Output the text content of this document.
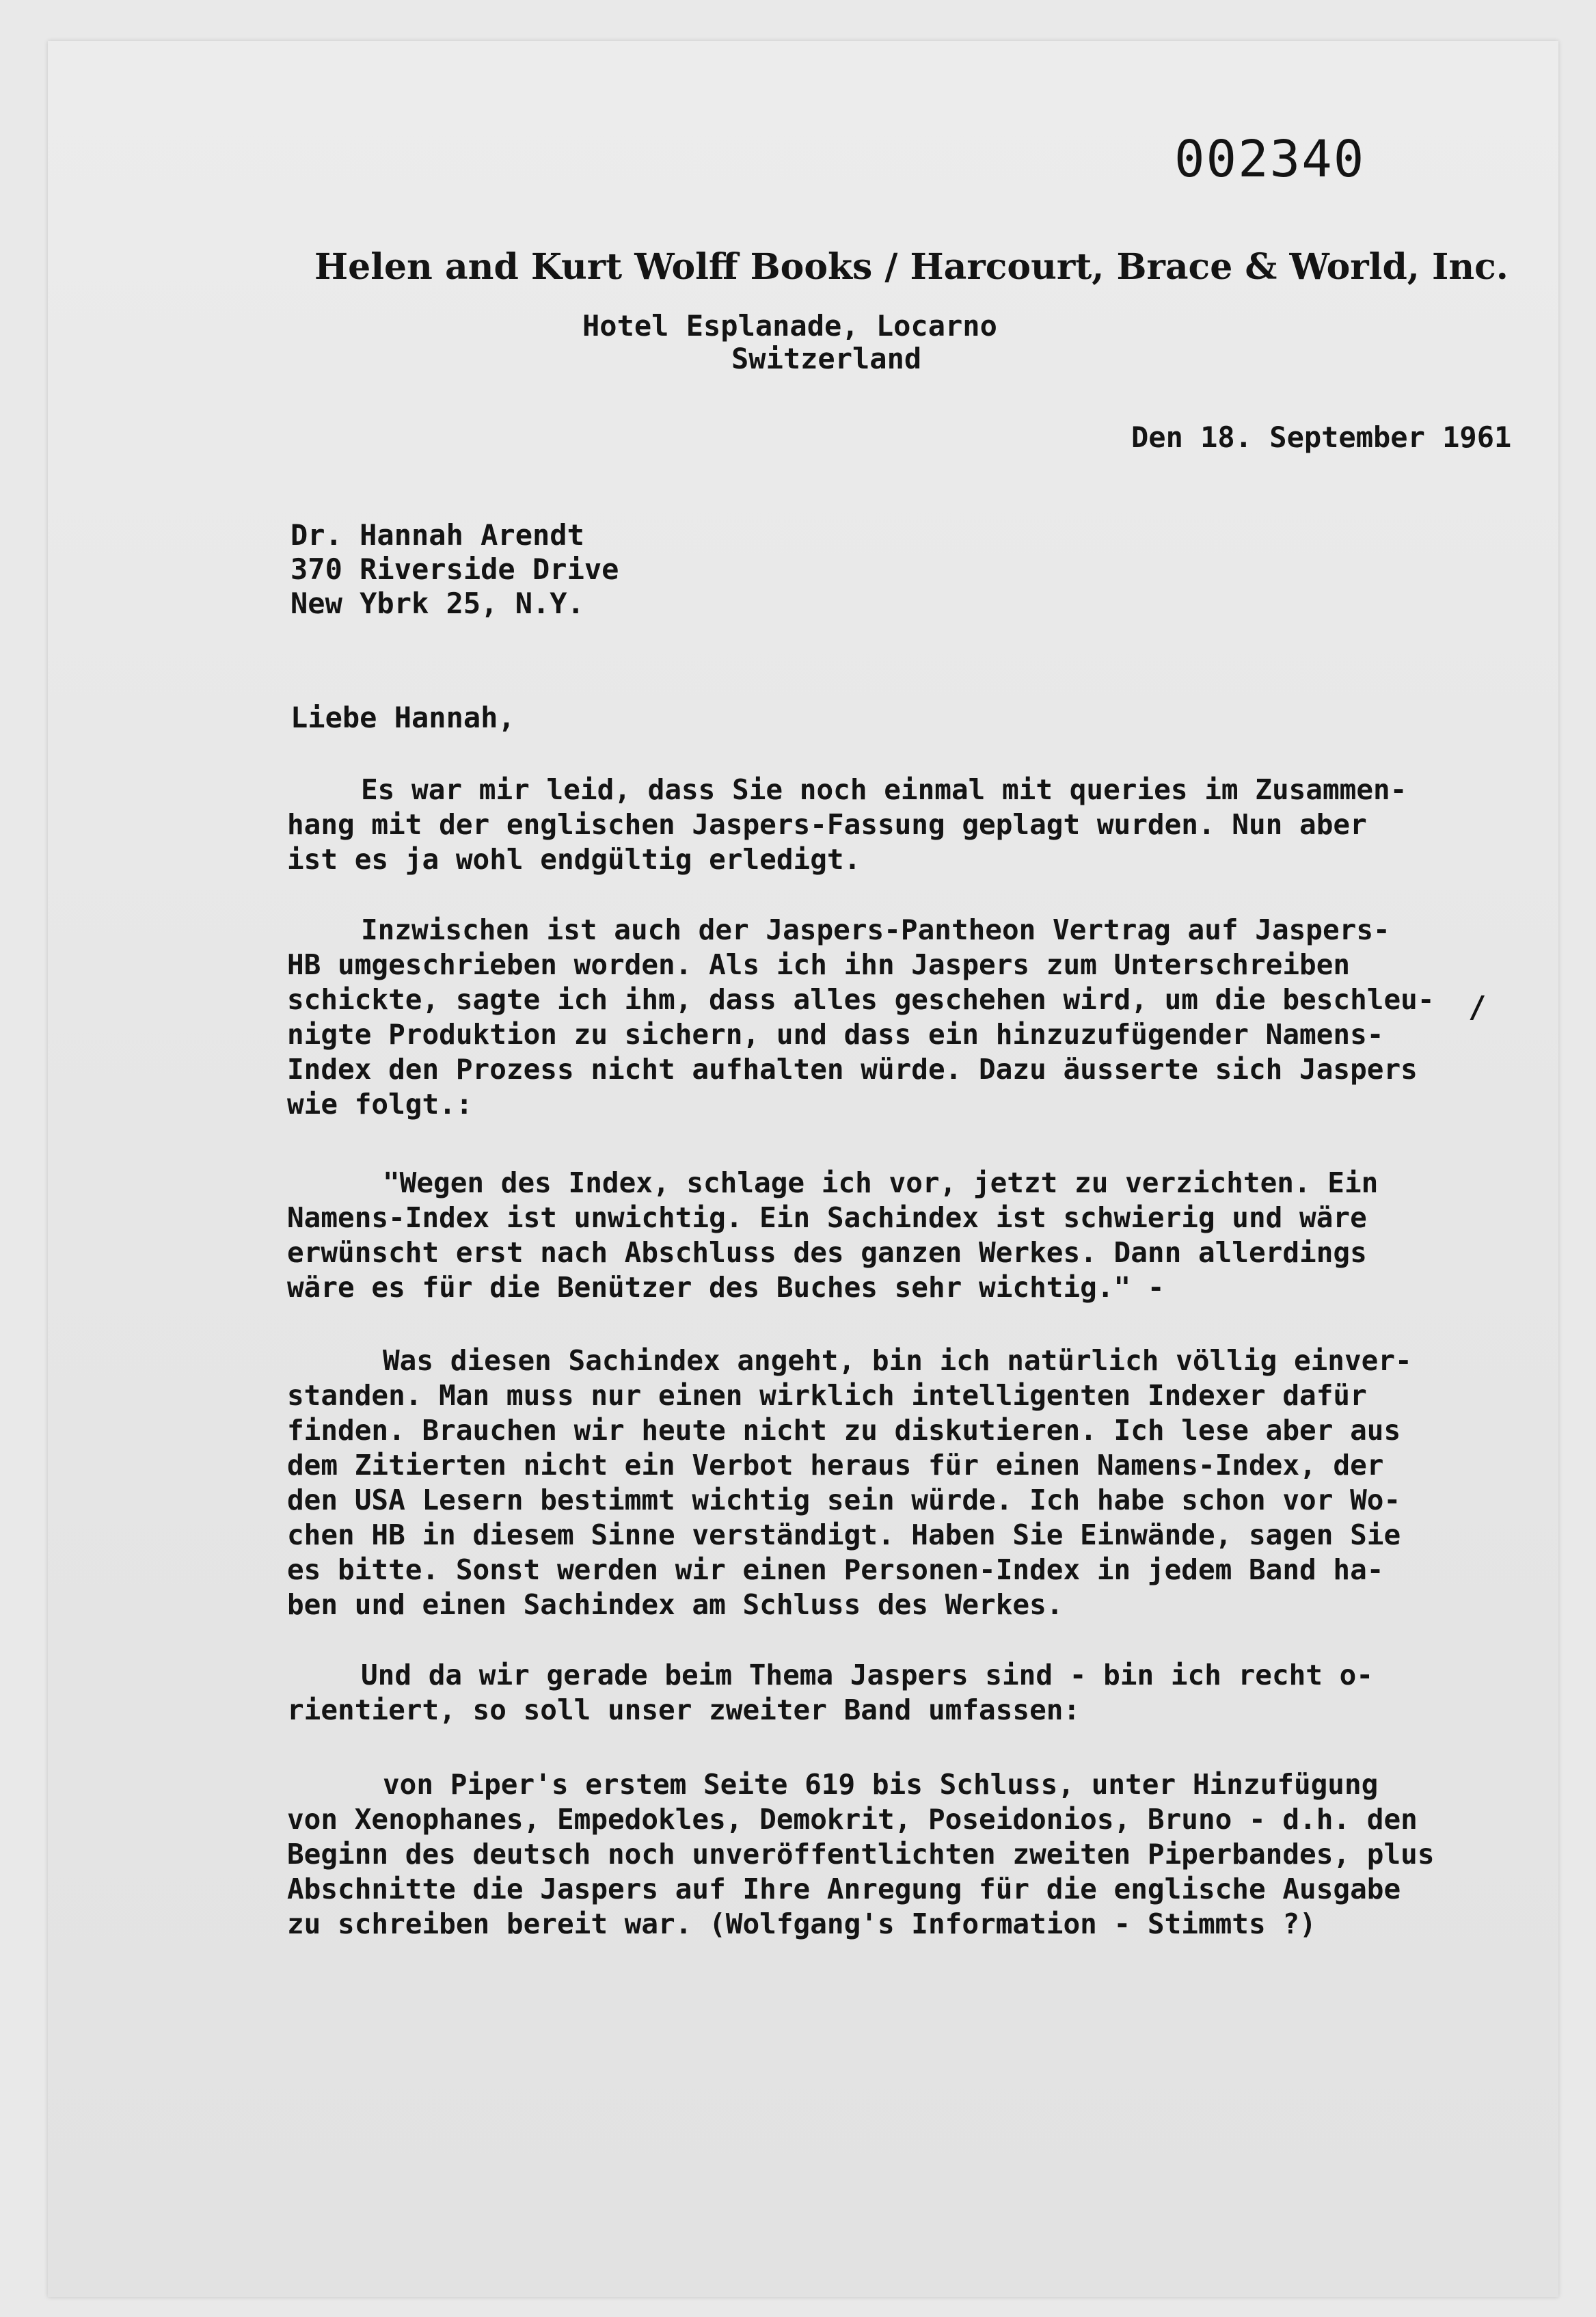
002340
Helen and Kurt Wolff Books / Harcourt, Brace & World, Inc.
Hotel Esplanade, Locarno
Switzerland
Den 18. September 1961
Dr. Hannah Arendt
370 Riverside Drive
New Ybrk 25, N.Y.
Liebe Hannah,
Es war mir leid, dass Sie noch einmal mit queries im Zusammen-
hang mit der englischen Jaspers-Fassung geplagt wurden. Nun aber
ist es ja wohl endgültig erledigt.
Inzwischen ist auch der Jaspers-Pantheon Vertrag auf Jaspers-
HB umgeschrieben worden. Als ich ihn Jaspers zum Unterschreiben
schickte, sagte ich ihm, dass alles geschehen wird, um die beschleu-
nigte Produktion zu sichern, und dass ein hinzuzufügender Namens-
Index den Prozess nicht aufhalten würde. Dazu äusserte sich Jaspers
wie folgt.:
/
"Wegen des Index, schlage ich vor, jetzt zu verzichten. Ein
Namens-Index ist unwichtig. Ein Sachindex ist schwierig und wäre
erwünscht erst nach Abschluss des ganzen Werkes. Dann allerdings
wäre es für die Benützer des Buches sehr wichtig." -
Was diesen Sachindex angeht, bin ich natürlich völlig einver-
standen. Man muss nur einen wirklich intelligenten Indexer dafür
finden. Brauchen wir heute nicht zu diskutieren. Ich lese aber aus
dem Zitierten nicht ein Verbot heraus für einen Namens-Index, der
den USA Lesern bestimmt wichtig sein würde. Ich habe schon vor Wo-
chen HB in diesem Sinne verständigt. Haben Sie Einwände, sagen Sie
es bitte. Sonst werden wir einen Personen-Index in jedem Band ha-
ben und einen Sachindex am Schluss des Werkes.
Und da wir gerade beim Thema Jaspers sind - bin ich recht o-
rientiert, so soll unser zweiter Band umfassen:
von Piper's erstem Seite 619 bis Schluss, unter Hinzufügung
von Xenophanes, Empedokles, Demokrit, Poseidonios, Bruno - d.h. den
Beginn des deutsch noch unveröffentlichten zweiten Piperbandes, plus
Abschnitte die Jaspers auf Ihre Anregung für die englische Ausgabe
zu schreiben bereit war. (Wolfgang's Information - Stimmts ?)
